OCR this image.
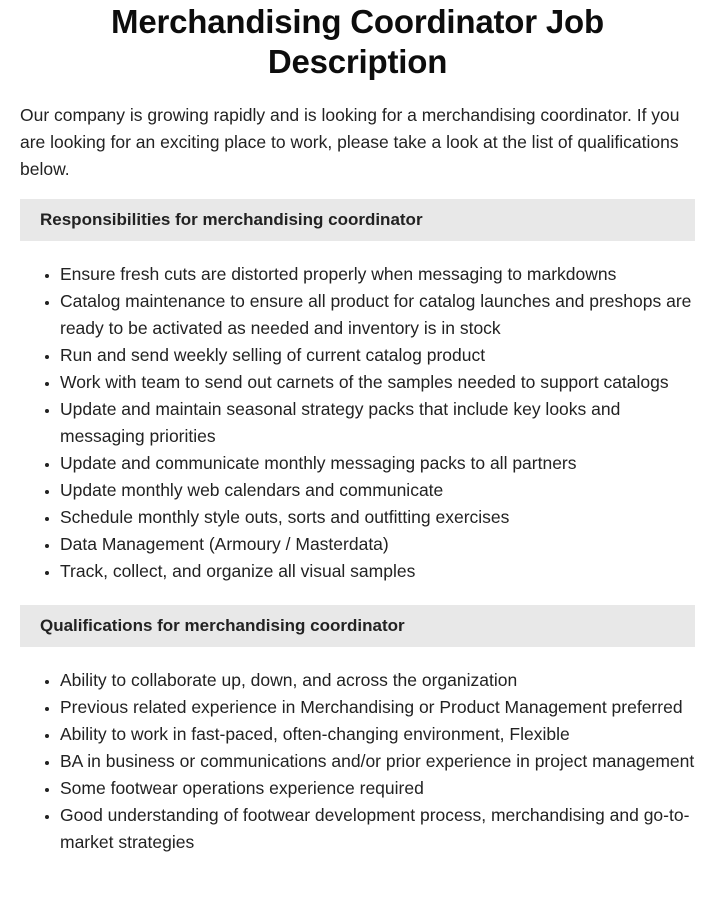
Merchandising Coordinator Job Description

Our company is growing rapidly and is looking for a merchandising coordinator. If you are looking for an exciting place to work, please take a look at the list of qualifications below.

Responsibilities for merchandising coordinator
• Ensure fresh cuts are distorted properly when messaging to markdowns
• Catalog maintenance to ensure all product for catalog launches and preshops are ready to be activated as needed and inventory is in stock
• Run and send weekly selling of current catalog product
• Work with team to send out carnets of the samples needed to support catalogs
• Update and maintain seasonal strategy packs that include key looks and messaging priorities
• Update and communicate monthly messaging packs to all partners
• Update monthly web calendars and communicate
• Schedule monthly style outs, sorts and outfitting exercises
• Data Management (Armoury / Masterdata)
• Track, collect, and organize all visual samples
Qualifications for merchandising coordinator
• Ability to collaborate up, down, and across the organization
• Previous related experience in Merchandising or Product Management preferred
• Ability to work in fast-paced, often-changing environment, Flexible
• BA in business or communications and/or prior experience in project management
• Some footwear operations experience required
• Good understanding of footwear development process, merchandising and go-to-market strategies
